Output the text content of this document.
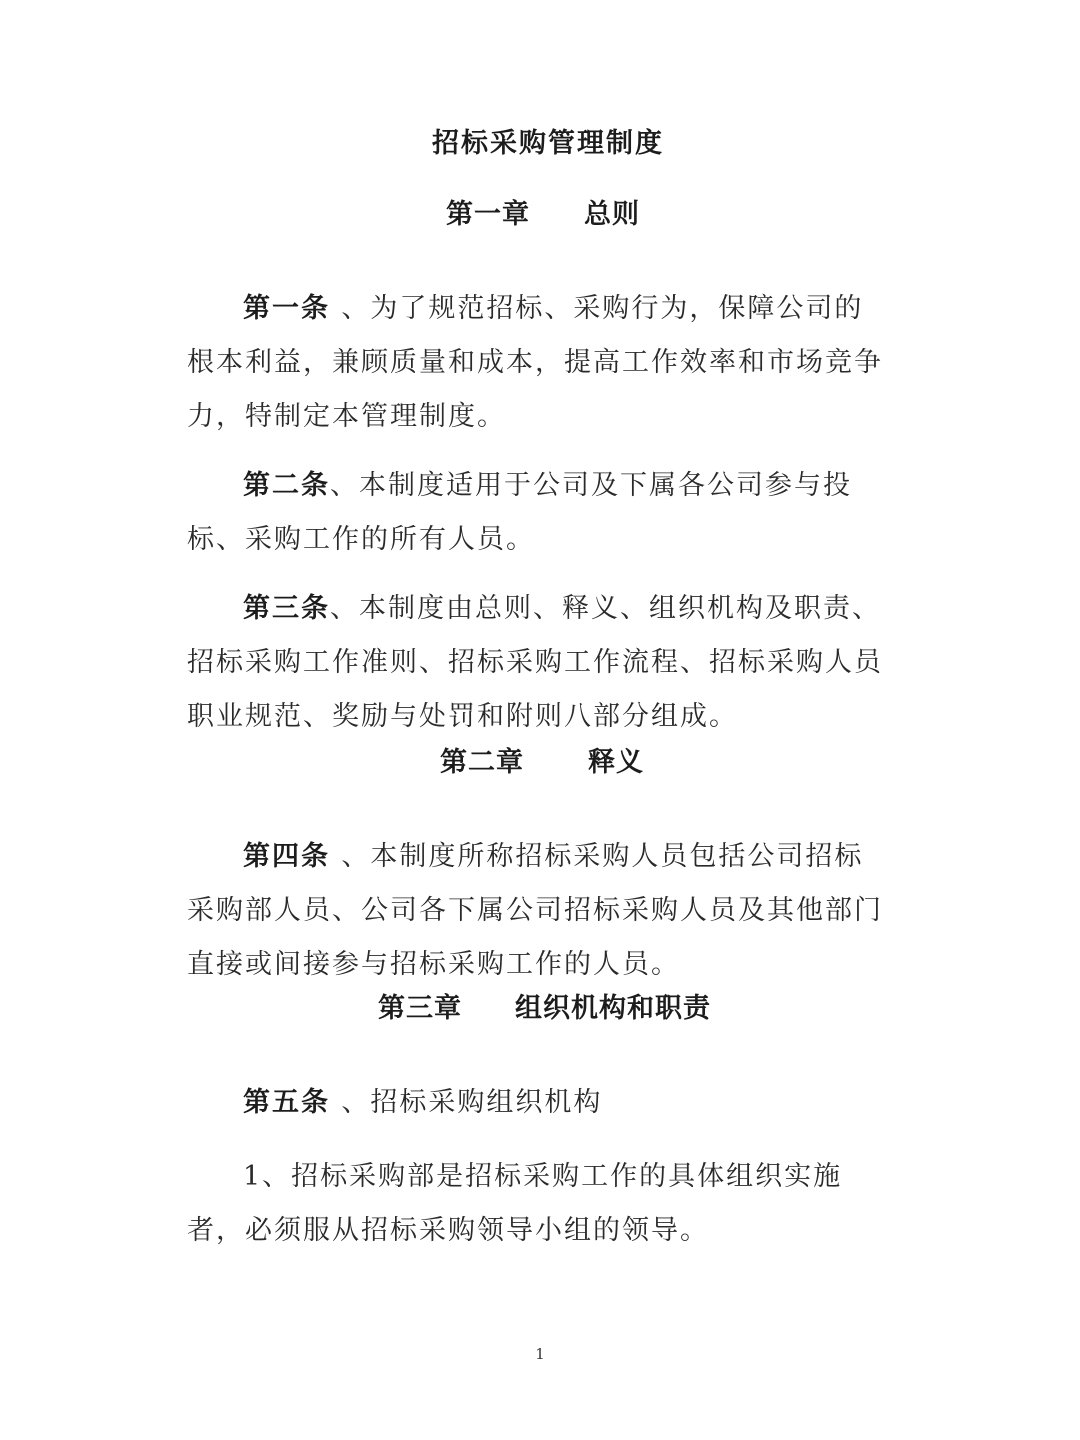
招标采购管理制度
第一章 总则

第一条 、为了规范招标、采购行为，保障公司的根本利益，兼顾质量和成本，提高工作效率和市场竞争力，特制定本管理制度。

第二条、本制度适用于公司及下属各公司参与投标、采购工作的所有人员。

第三条、本制度由总则、释义、组织机构及职责、招标采购工作准则、招标采购工作流程、招标采购人员职业规范、奖励与处罚和附则八部分组成。

第二章 释义

第四条 、本制度所称招标采购人员包括公司招标采购部人员、公司各下属公司招标采购人员及其他部门直接或间接参与招标采购工作的人员。

第三章 组织机构和职责

第五条 、招标采购组织机构

1、招标采购部是招标采购工作的具体组织实施者，必须服从招标采购领导小组的领导。

1
